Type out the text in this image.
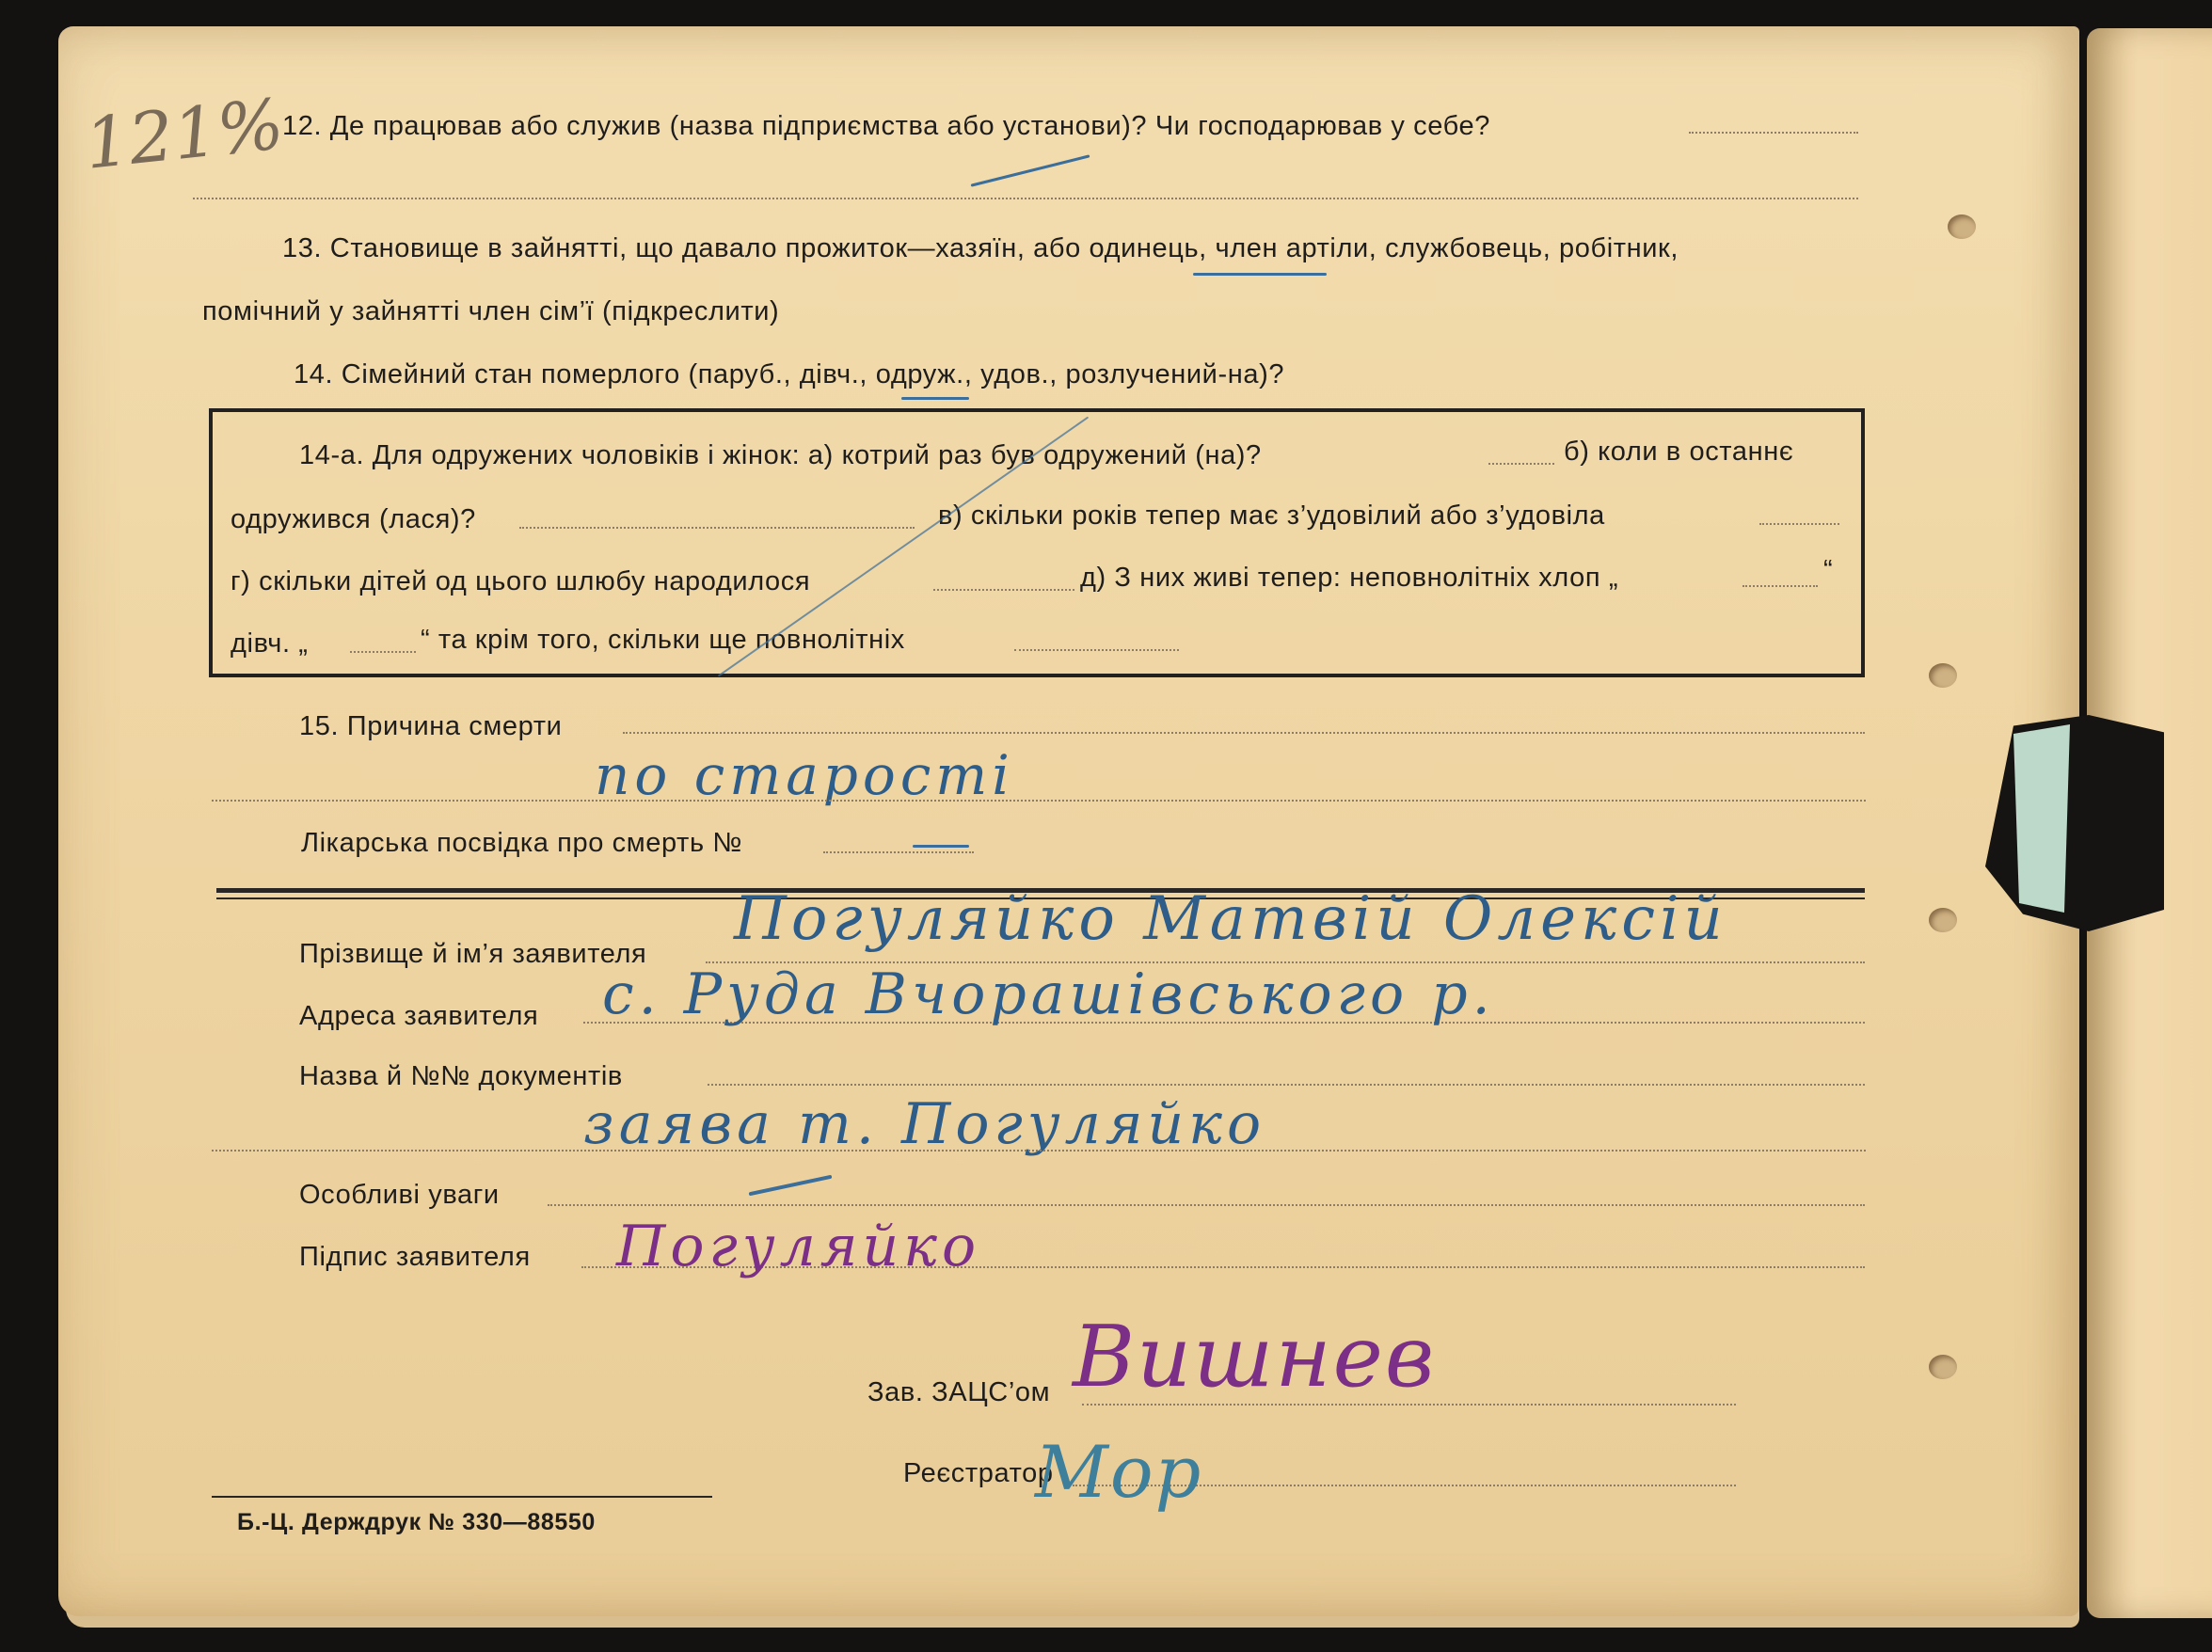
121%
12. Де працював або служив (назва підприємства або установи)? Чи господарював у себе?
13. Становище в зайнятті, що давало прожиток—хазяїн, або одинець, член артіли, службовець, робітник,
помічний у зайнятті член сім’ї (підкреслити)
14. Сімейний стан померлого (паруб., дівч., одруж., удов., розлучений-на)?
14-а. Для одружених чоловіків і жінок: а) котрий раз був одружений (на)?	б) коли в останнє
одружився (лася)?	в) скільки років тепер має з’удовілий або з’удовіла
г) скільки дітей од цього шлюбу народилося	д) З них живі тепер: неповнолітніх хлоп „	“
дівч. „	“ та крім того, скільки ще повнолітніх
15. Причина смерти
по старості
Лікарська посвідка про смерть №
Прізвище й ім’я заявителя Погуляйко Матвій Олексій
Адреса заявителя с. Руда Вчорашівського р.
Назва й №№ документів
заява т. Погуляйко
Особливі уваги
Підпис заявителя Погуляйко
Зав. ЗАЦС’ом Вишнев
Реєстратор
Мор
Б.-Ц. Держдрук № 330—88550
